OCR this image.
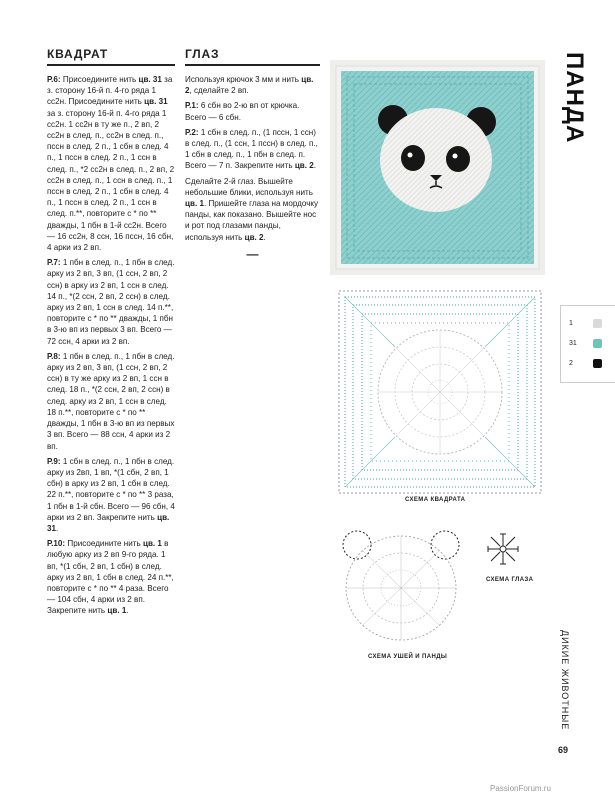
КВАДРАТ

Р.6: Присоедините нить цв. 31 за з. сторону 16-й п. 4-го ряда 1 сс2н. Присоедините нить цв. 31 за з. сторону 16-й п. 4-го ряда 1 сс2н. 1 сс2н в ту же п., 2 вп, 2 сс2н в след. п., сс2н в след. п., пссн в след. 2 п., 1 сбн в след. 4 п., 1 пссн в след. 2 п., 1 ссн в след. п., *2 сс2н в след. п., 2 вп, 2 сс2н в след. п., 1 ссн в след. п., 1 пссн в след. 2 п., 1 сбн в след. 4 п., 1 пссн в след. 2 п., 1 ссн в след. п.**, повторите с * по ** дважды, 1 пбн в 1-й сс2н. Всего — 16 сс2н, 8 ссн, 16 пссн, 16 сбн, 4 арки из 2 вп.

Р.7: 1 пбн в след. п., 1 пбн в след. арку из 2 вп, 3 вп, (1 ссн, 2 вп, 2 ссн) в арку из 2 вп, 1 ссн в след. 14 п., *(2 ссн, 2 вп, 2 ссн) в след. арку из 2 вп, 1 ссн в след. 14 п.**, повторите с * по ** дважды, 1 пбн в 3-ю вп из первых 3 вп. Всего — 72 ссн, 4 арки из 2 вп.

Р.8: 1 пбн в след. п., 1 пбн в след. арку из 2 вп, 3 вп, (1 ссн, 2 вп, 2 ссн) в ту же арку из 2 вп, 1 ссн в след. 18 п., *(2 ссн, 2 вп, 2 ссн) в след. арку из 2 вп, 1 ссн в след. 18 п.**, повторите с * по ** дважды, 1 пбн в 3-ю вп из первых 3 вп. Всего — 88 ссн, 4 арки из 2 вп.

Р.9: 1 сбн в след. п., 1 пбн в след. арку из 2вп, 1 вп, *(1 сбн, 2 вп, 1 сбн) в арку из 2 вп, 1 сбн в след. 22 п.**, повторите с * по ** 3 раза, 1 пбн в 1-й сбн. Всего — 96 сбн, 4 арки из 2 вп. Закрепите нить цв. 31.

Р.10: Присоедините нить цв. 1 в любую арку из 2 вп 9-го ряда. 1 вп, *(1 сбн, 2 вп, 1 сбн) в след. арку из 2 вп, 1 сбн в след. 24 п.**, повторите с * по ** 4 раза. Всего — 104 сбн, 4 арки из 2 вп. Закрепите нить цв. 1.

ГЛАЗ

Используя крючок 3 мм и нить цв. 2, сделайте 2 вп.

Р.1: 6 сбн во 2-ю вп от крючка. Всего — 6 сбн.

Р.2: 1 сбн в след. п., (1 пссн, 1 ссн) в след. п., (1 ссн, 1 пссн) в след. п., 1 сбн в след. п., 1 пбн в след. п. Всего — 7 п. Закрепите нить цв. 2.

Сделайте 2-й глаз. Вышейте небольшие блики, используя нить цв. 1. Пришейте глаза на мордочку панды, как показано. Вышейте нос и рот под глазами панды, используя нить цв. 2.

—
СХЕМА КВАДРАТА
СХЕМА УШЕЙ И ПАНДЫ
СХЕМА ГЛАЗА
1
31
2
ПАНДА
ДИКИЕ ЖИВОТНЫЕ
69
PassionForum.ru
